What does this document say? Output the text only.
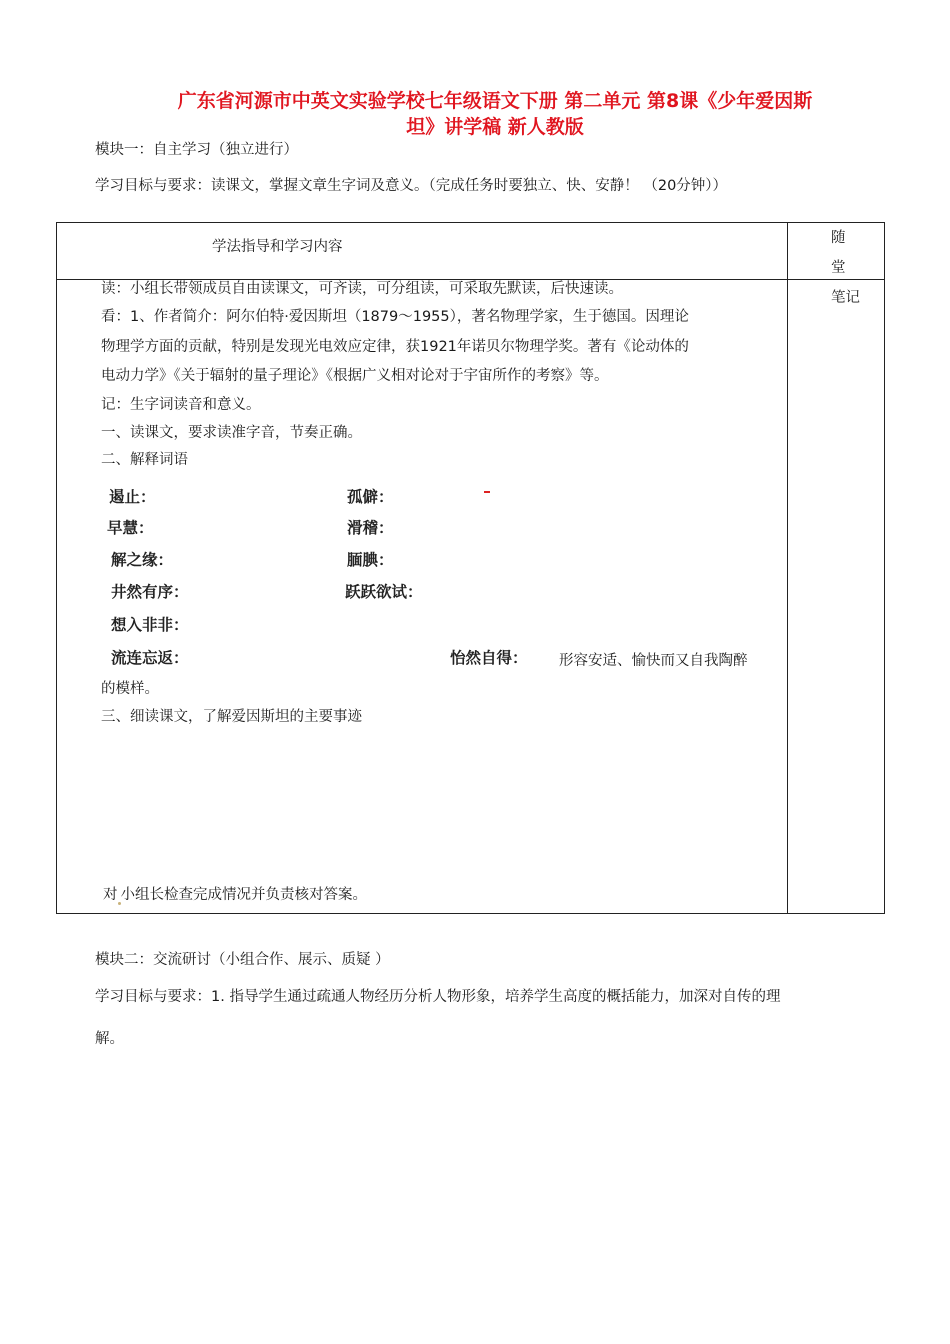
广东省河源市中英文实验学校七年级语文下册 第二单元 第8课《少年爱因斯
坦》讲学稿 新人教版
模块一：自主学习（独立进行）
学习目标与要求：读课文，掌握文章生字词及意义。（完成任务时要独立、快、安静！ （20分钟））
学法指导和学习内容
随 堂
笔记
读：小组长带领成员自由读课文，可齐读，可分组读，可采取先默读，后快速读。
看：1、作者简介：阿尔伯特·爱因斯坦（1879～1955），著名物理学家，生于德国。因理论
物理学方面的贡献，特别是发现光电效应定律，获1921年诺贝尔物理学奖。著有《论动体的
电动力学》《关于辐射的量子理论》《根据广义相对论对于宇宙所作的考察》等。
记：生字词读音和意义。
一、读课文，要求读准字音，节奏正确。
二、解释词语
遏止：	孤僻：
早慧：	滑稽：
解之缘：	腼腆：
井然有序：	跃跃欲试：
想入非非：
流连忘返：	怡然自得： 形容安适、愉快而又自我陶醉
的模样。
三、细读课文，了解爱因斯坦的主要事迹
对 小组长检查完成情况并负责核对答案。
模块二：交流研讨（小组合作、展示、质疑 ）
学习目标与要求：1. 指导学生通过疏通人物经历分析人物形象，培养学生高度的概括能力，加深对自传的理
解。
